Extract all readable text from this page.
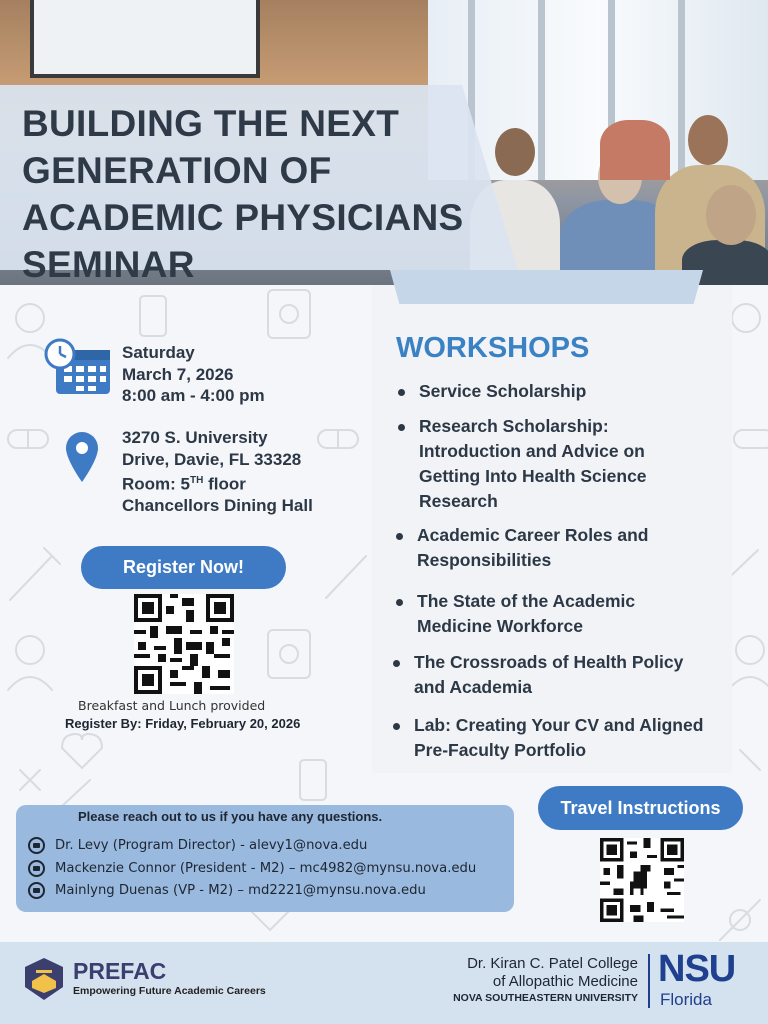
BUILDING THE NEXT
GENERATION OF
ACADEMIC PHYSICIANS
SEMINAR
Saturday
March 7, 2026
8:00 am - 4:00 pm
3270 S. University
Drive, Davie, FL 33328
Room: 5TH floor
Chancellors Dining Hall
Register Now!
Breakfast and Lunch provided
Register By: Friday, February 20, 2026
WORKSHOPS
Service Scholarship
Research Scholarship:
Introduction and Advice on
Getting Into Health Science
Research
Academic Career Roles and
Responsibilities
The State of the Academic
Medicine Workforce
The Crossroads of Health Policy
and Academia
Lab: Creating Your CV and Aligned
Pre-Faculty Portfolio
Please reach out to us if you have any questions.
Dr. Levy (Program Director) - alevy1@nova.edu
Mackenzie Connor (President - M2) – mc4982@mynsu.nova.edu
Mainlyng Duenas (VP - M2) – md2221@mynsu.nova.edu
Travel Instructions
PREFAC
Empowering Future Academic Careers
Dr. Kiran C. Patel College
of Allopathic Medicine
NOVA SOUTHEASTERN UNIVERSITY
NSU
Florida
